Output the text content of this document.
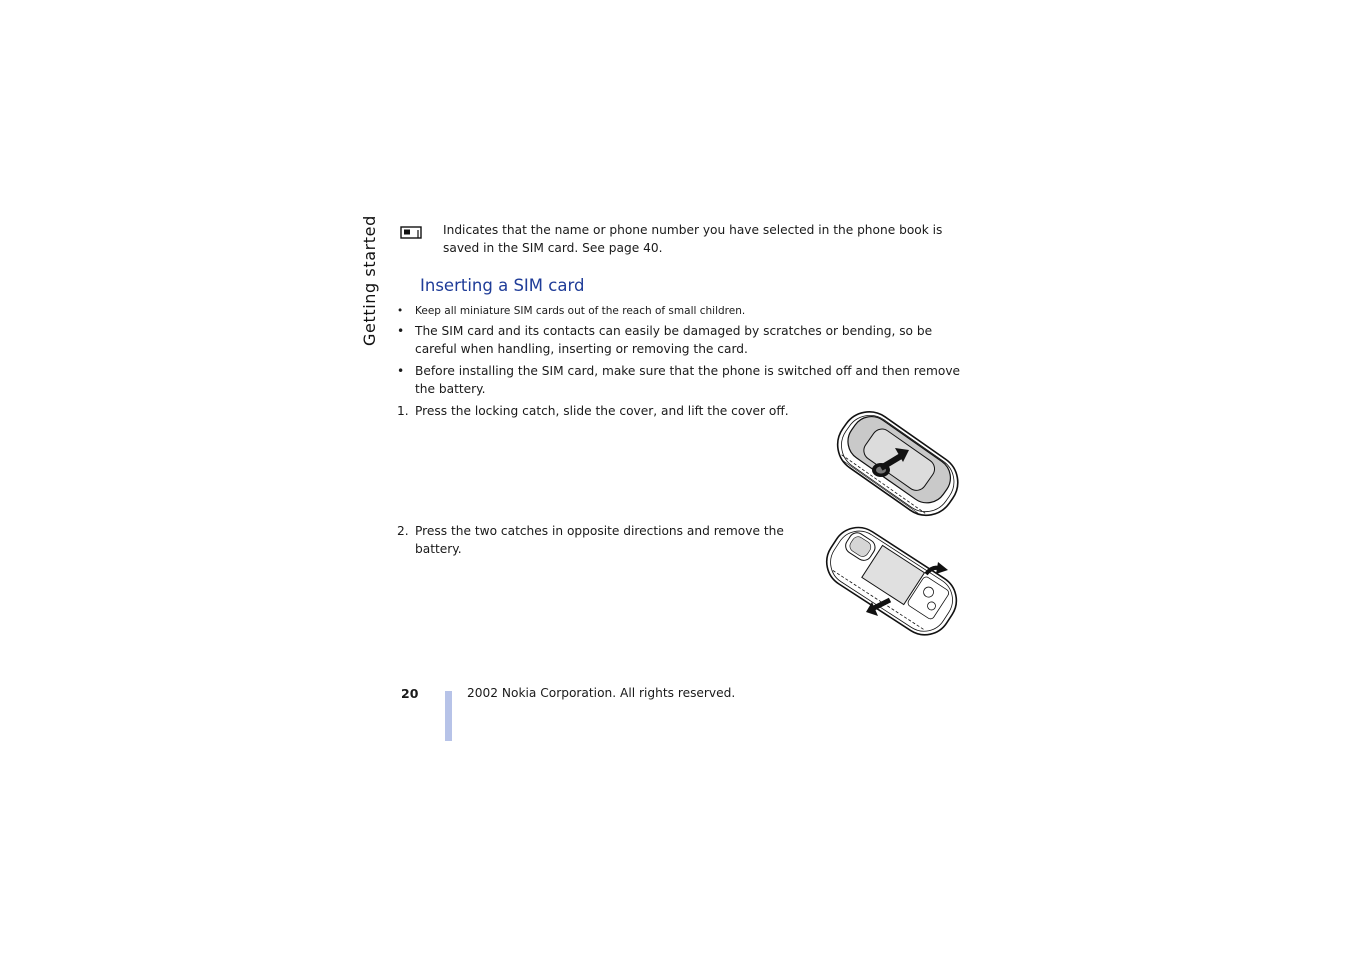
Getting started	Indicates that the name or phone number you have selected in the phone book is saved in the SIM card. See page 40.
Inserting a SIM card
•	Keep all miniature SIM cards out of the reach of small children.
• The SIM card and its contacts can easily be damaged by scratches or bending, so be careful when handling, inserting or removing the card.
• Before installing the SIM card, make sure that the phone is switched off and then remove the battery.
1. Press the locking catch, slide the cover, and lift the cover off.
2. Press the two catches in opposite directions and remove the battery.
20	2002 Nokia Corporation. All rights reserved.
